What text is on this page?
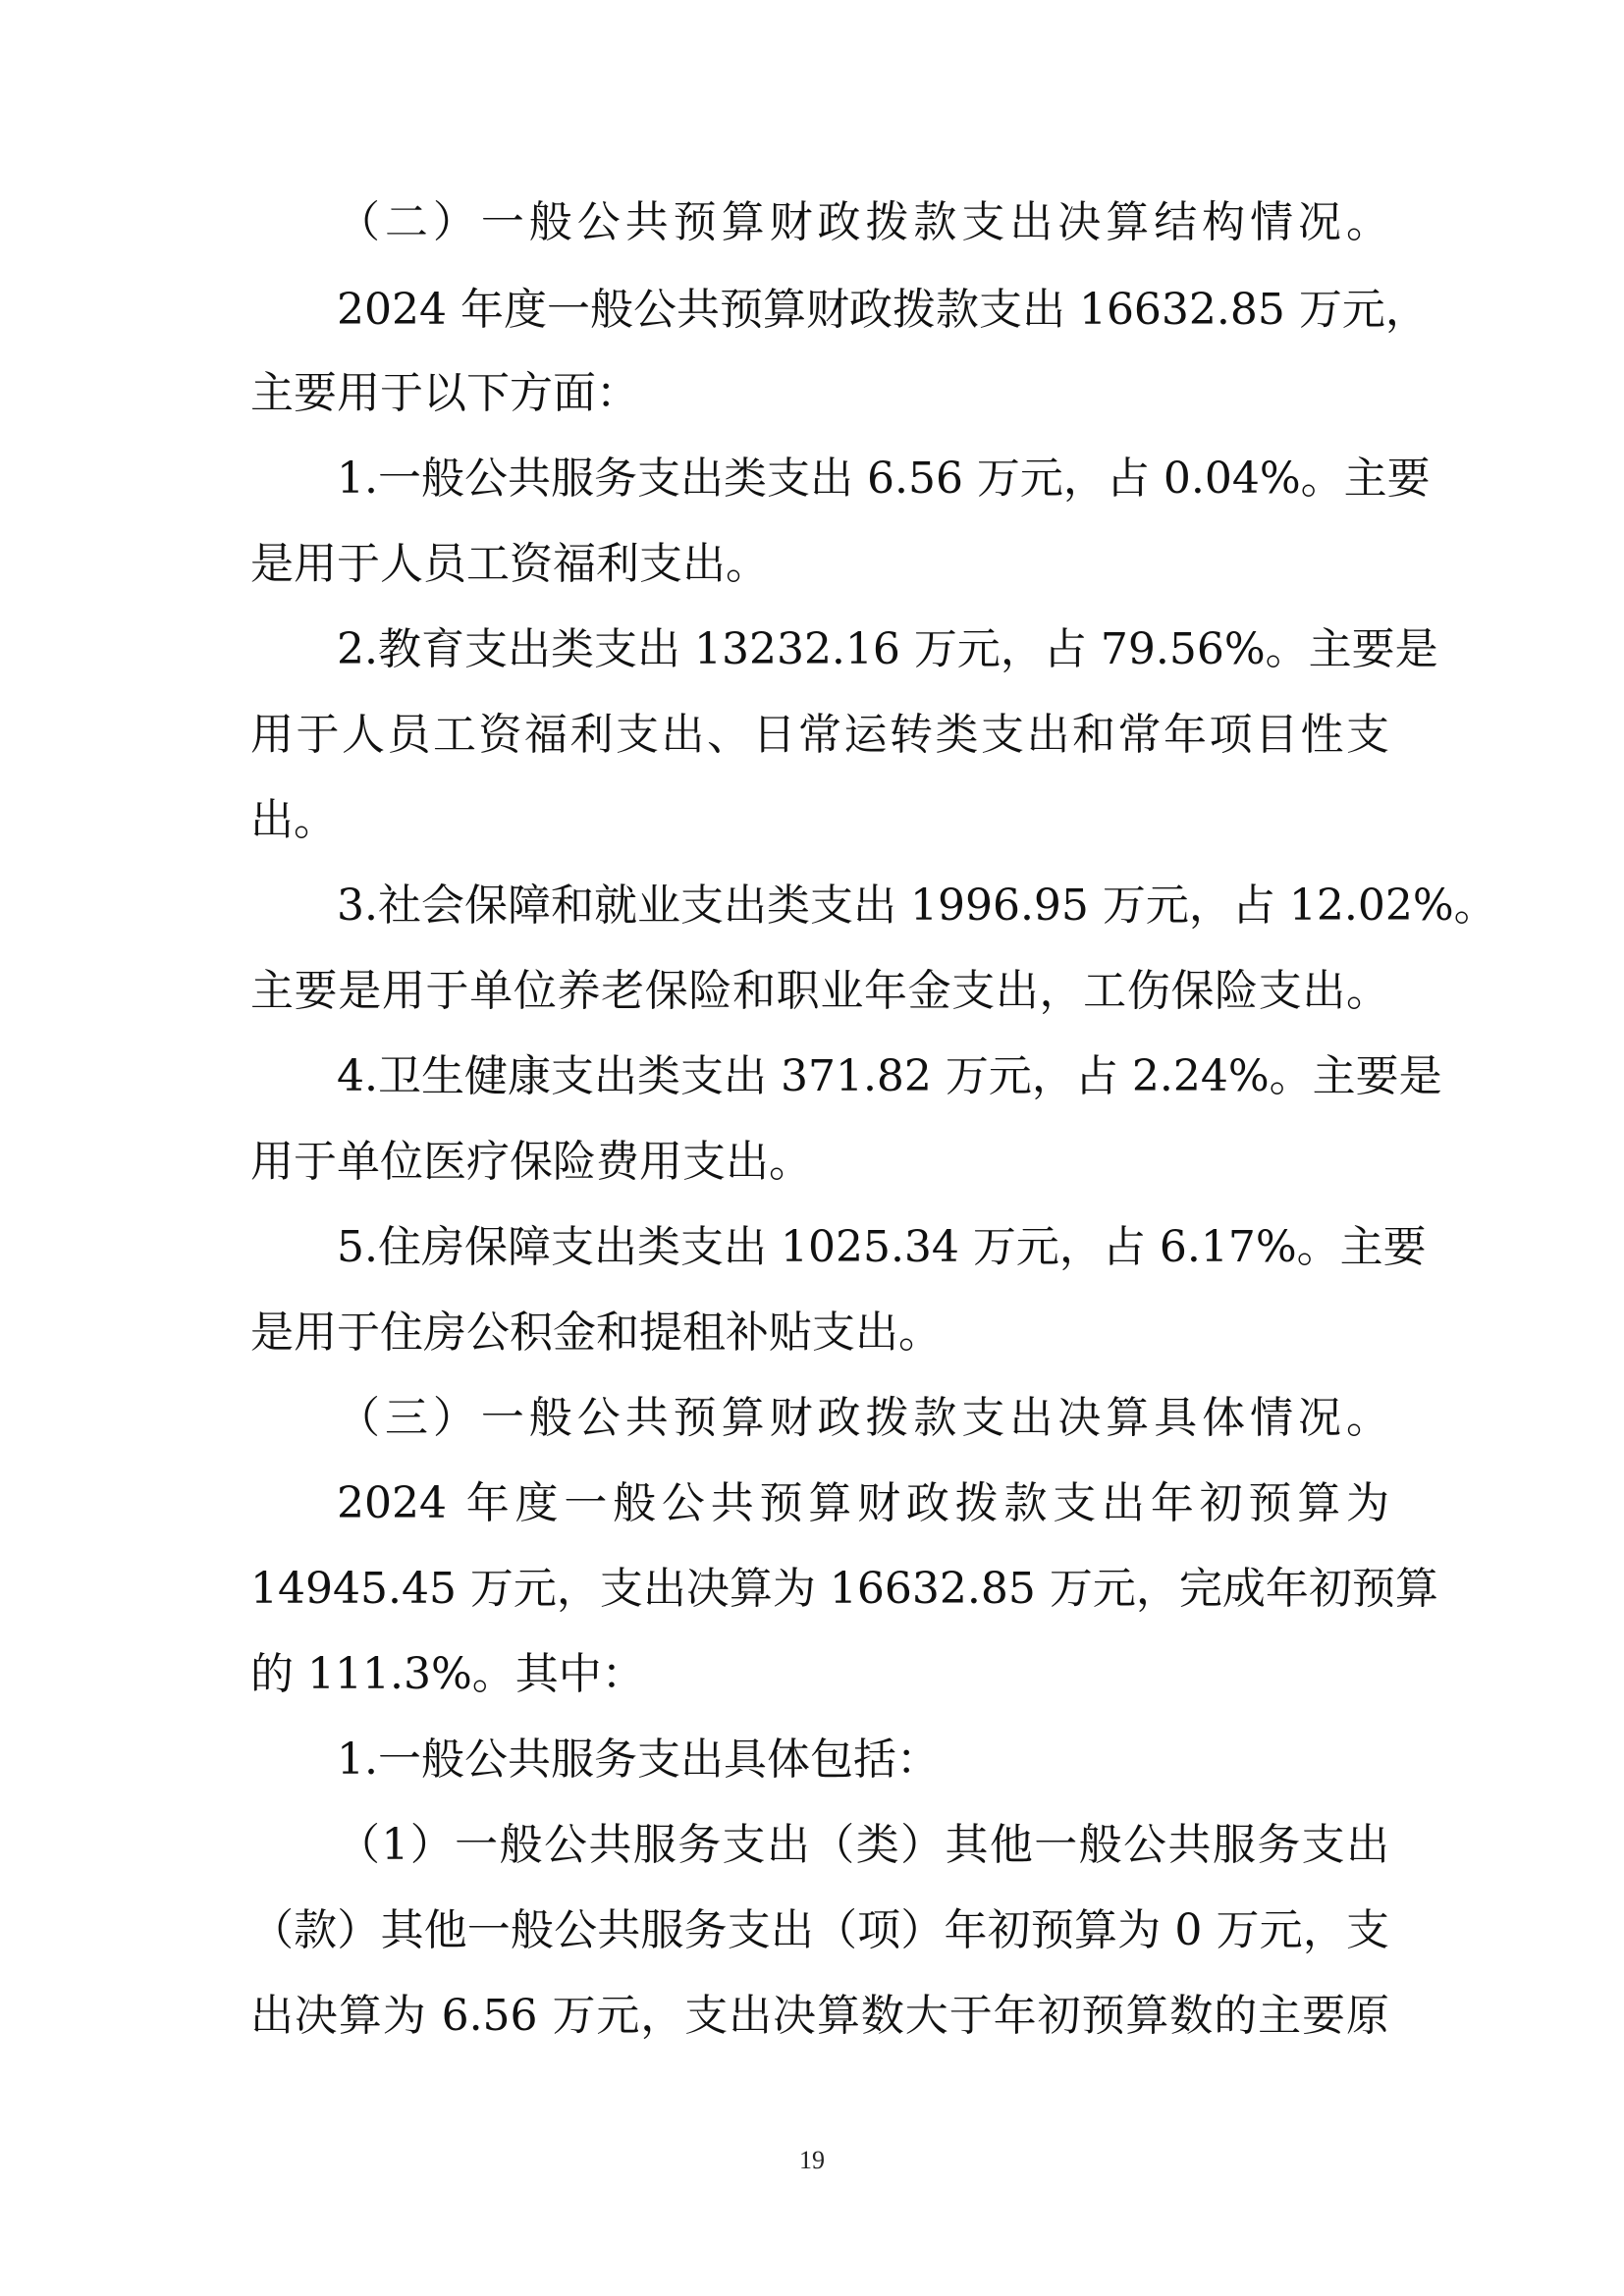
（二）一般公共预算财政拨款支出决算结构情况。
2024 年度一般公共预算财政拨款支出 16632.85 万元，
主要用于以下方面：
1.一般公共服务支出类支出 6.56 万元，占 0.04%。主要
是用于人员工资福利支出。
2.教育支出类支出 13232.16 万元，占 79.56%。主要是
用于人员工资福利支出、日常运转类支出和常年项目性支
出。
3.社会保障和就业支出类支出 1996.95 万元，占 12.02%。
主要是用于单位养老保险和职业年金支出，工伤保险支出。
4.卫生健康支出类支出 371.82 万元，占 2.24%。主要是
用于单位医疗保险费用支出。
5.住房保障支出类支出 1025.34 万元，占 6.17%。主要
是用于住房公积金和提租补贴支出。
（三）一般公共预算财政拨款支出决算具体情况。
2024 年度一般公共预算财政拨款支出年初预算为
14945.45 万元，支出决算为 16632.85 万元，完成年初预算
的 111.3%。其中：
1.一般公共服务支出具体包括：
（1）一般公共服务支出（类）其他一般公共服务支出
（款）其他一般公共服务支出（项）年初预算为 0 万元，支
出决算为 6.56 万元，支出决算数大于年初预算数的主要原
19
